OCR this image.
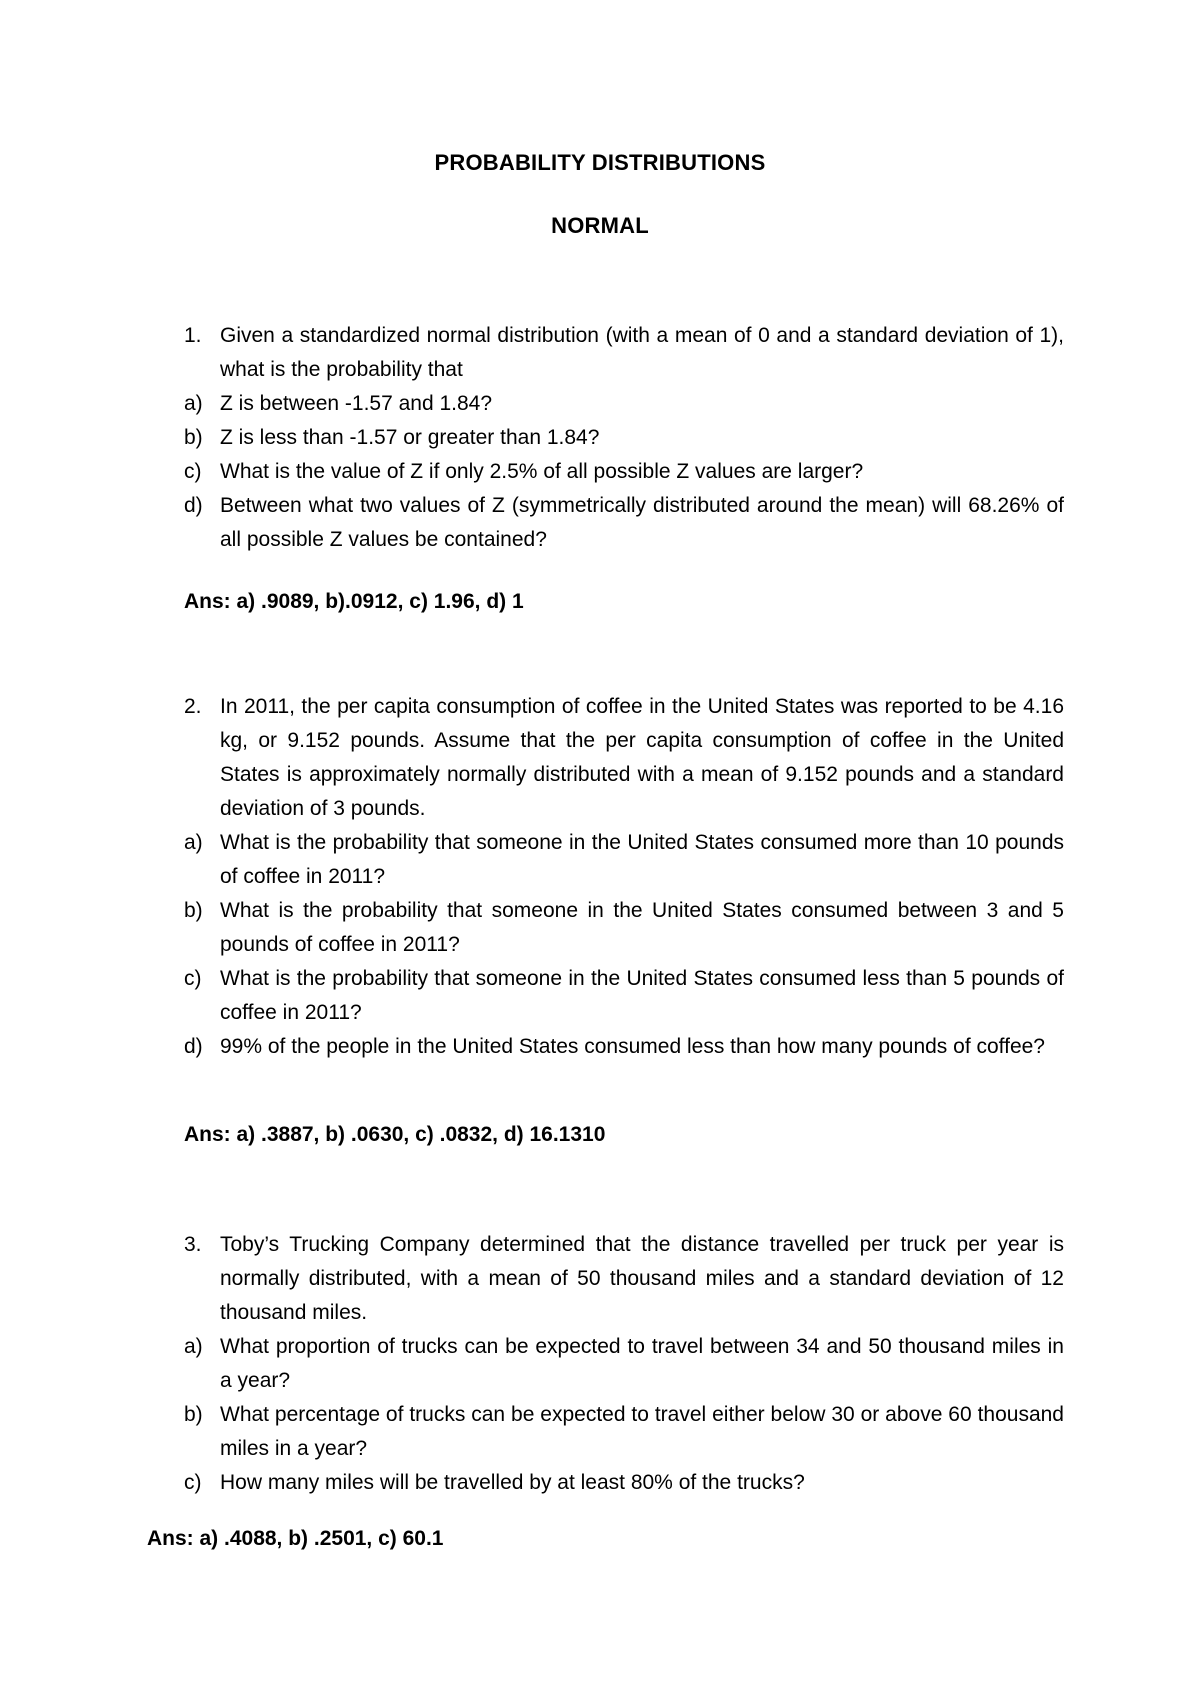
PROBABILITY DISTRIBUTIONS
NORMAL
1. Given a standardized normal distribution (with a mean of 0 and a standard deviation of 1), what is the probability that
a) Z is between -1.57 and 1.84?
b) Z is less than -1.57 or greater than 1.84?
c) What is the value of Z if only 2.5% of all possible Z values are larger?
d) Between what two values of Z (symmetrically distributed around the mean) will 68.26% of all possible Z values be contained?
Ans: a) .9089, b).0912, c) 1.96, d) 1
2. In 2011, the per capita consumption of coffee in the United States was reported to be 4.16 kg, or 9.152 pounds. Assume that the per capita consumption of coffee in the United States is approximately normally distributed with a mean of 9.152 pounds and a standard deviation of 3 pounds.
a) What is the probability that someone in the United States consumed more than 10 pounds of coffee in 2011?
b) What is the probability that someone in the United States consumed between 3 and 5 pounds of coffee in 2011?
c) What is the probability that someone in the United States consumed less than 5 pounds of coffee in 2011?
d) 99% of the people in the United States consumed less than how many pounds of coffee?
Ans: a) .3887, b) .0630, c) .0832, d) 16.1310
3. Toby’s Trucking Company determined that the distance travelled per truck per year is normally distributed, with a mean of 50 thousand miles and a standard deviation of 12 thousand miles.
a) What proportion of trucks can be expected to travel between 34 and 50 thousand miles in a year?
b) What percentage of trucks can be expected to travel either below 30 or above 60 thousand miles in a year?
c) How many miles will be travelled by at least 80% of the trucks?
Ans: a) .4088, b) .2501, c) 60.1
